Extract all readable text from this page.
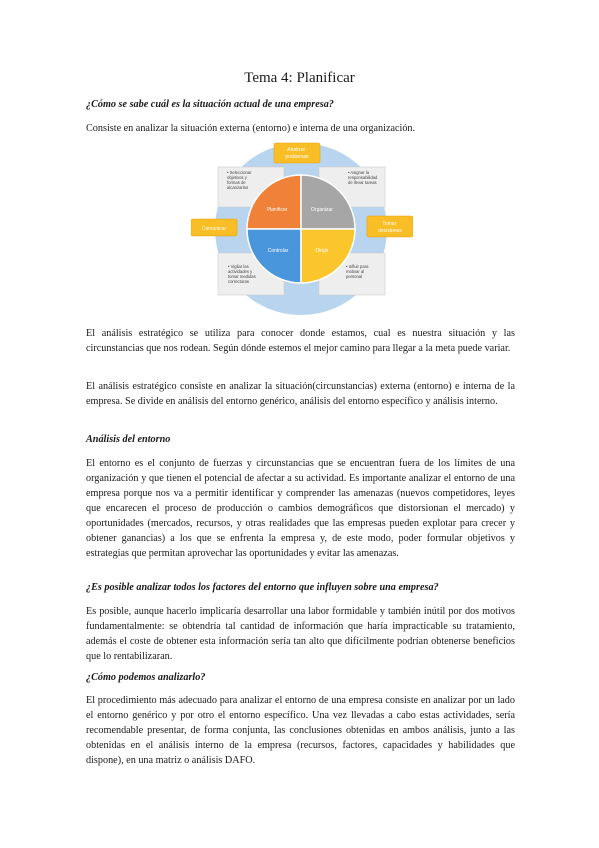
Tema 4: Planificar
¿Cómo se sabe cuál es la situación actual de una empresa?

Consiste en analizar la situación externa (entorno) e interna de una organización.

• Seleccionar objetivos y formas de alcanzarlos
• Asignar la responsabilidad de llevar tareas
• Vigilar las actividades y tomar medidas correctoras
• Influir para motivar al personal
Planificar	Organizar
Controlar	Dirigir
Analizar problemas
Comunicar
Tomar decisiones

El análisis estratégico se utiliza para conocer donde estamos, cual es nuestra situación y las circunstancias que nos rodean. Según dónde estemos el mejor camino para llegar a la meta puede variar.

El análisis estratégico consiste en analizar la situación(circunstancias) externa (entorno) e interna de la empresa. Se divide en análisis del entorno genérico, análisis del entorno específico y análisis interno.

Análisis del entorno

El entorno es el conjunto de fuerzas y circunstancias que se encuentran fuera de los límites de una organización y que tienen el potencial de afectar a su actividad. Es importante analizar el entorno de una empresa porque nos va a permitir identificar y comprender las amenazas (nuevos competidores, leyes que encarecen el proceso de producción o cambios demográficos que distorsionan el mercado) y oportunidades (mercados, recursos, y otras realidades que las empresas pueden explotar para crecer y obtener ganancias) a los que se enfrenta la empresa y, de este modo, poder formular objetivos y estrategias que permitan aprovechar las oportunidades y evitar las amenazas.

¿Es posible analizar todos los factores del entorno que influyen sobre una empresa?

Es posible, aunque hacerlo implicaría desarrollar una labor formidable y también inútil por dos motivos fundamentalmente: se obtendría tal cantidad de información que haría impracticable su tratamiento, además el coste de obtener esta información sería tan alto que difícilmente podrían obtenerse beneficios que lo rentabilizaran.

¿Cómo podemos analizarlo?

El procedimiento más adecuado para analizar el entorno de una empresa consiste en analizar por un lado el entorno genérico y por otro el entorno específico. Una vez llevadas a cabo estas actividades, sería recomendable presentar, de forma conjunta, las conclusiones obtenidas en ambos análisis, junto a las obtenidas en el análisis interno de la empresa (recursos, factores, capacidades y habilidades que dispone), en una matriz o análisis DAFO.
